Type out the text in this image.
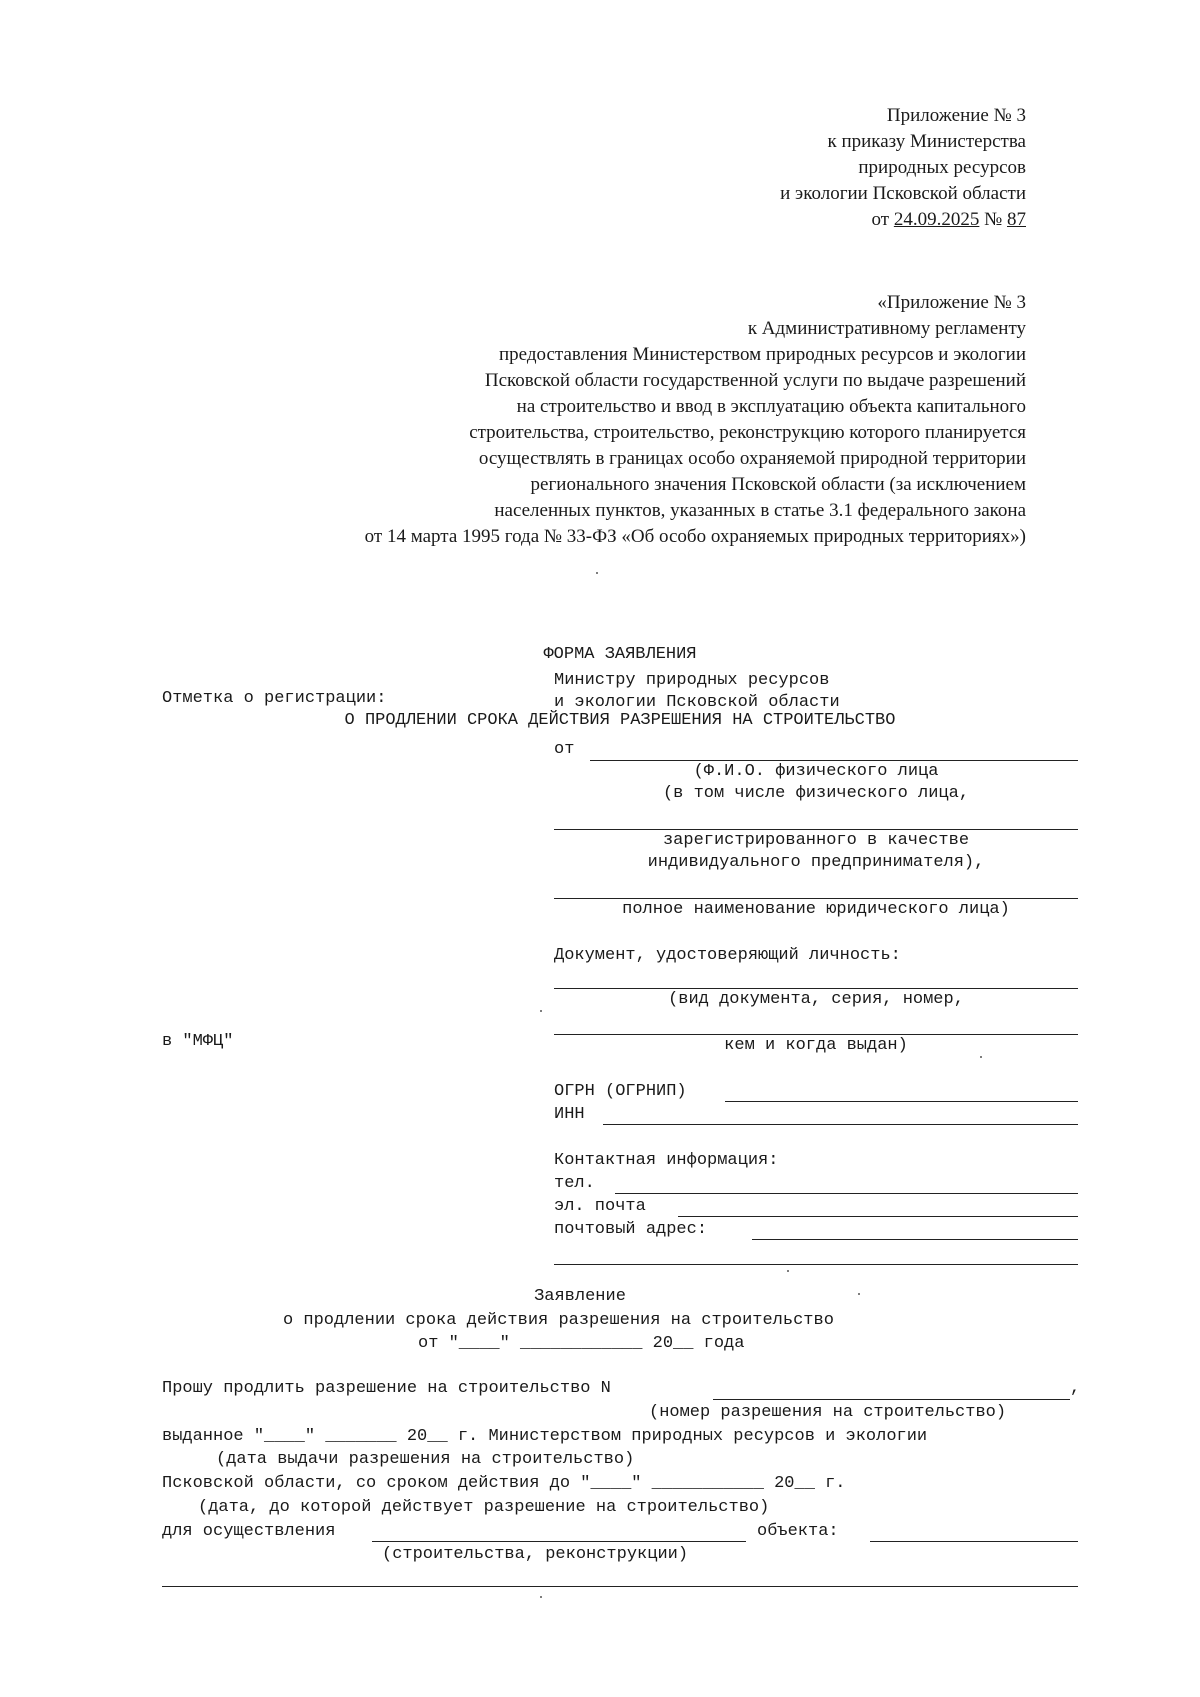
Приложение № 3
к приказу Министерства
природных ресурсов
и экологии Псковской области
от 24.09.2025 № 87
«Приложение № 3
к Административному регламенту
предоставления Министерством природных ресурсов и экологии
Псковской области государственной услуги по выдаче разрешений
на строительство и ввод в эксплуатацию объекта капитального
строительства, строительство, реконструкцию которого планируется
осуществлять в границах особо охраняемой природной территории
регионального значения Псковской области (за исключением
населенных пунктов, указанных в статье 3.1 федерального закона
от 14 марта 1995 года № 33-ФЗ «Об особо охраняемых природных территориях»)

ФОРМА ЗАЯВЛЕНИЯ

О ПРОДЛЕНИИ СРОКА ДЕЙСТВИЯ РАЗРЕШЕНИЯ НА СТРОИТЕЛЬСТВО

Отметка о регистрации:
в "МФЦ"
Министру природных ресурсов
и экологии Псковской области
от
(Ф.И.О. физического лица
(в том числе физического лица,
зарегистрированного в качестве
индивидуального предпринимателя),
полное наименование юридического лица)
Документ, удостоверяющий личность:
(вид документа, серия, номер,
кем и когда выдан)
ОГРН (ОГРНИП)
ИНН
Контактная информация:
тел.
эл. почта
почтовый адрес:
Заявление
о продлении срока действия разрешения на строительство
от "____" ____________ 20__ года
Прошу продлить разрешение на строительство N	,
(номер разрешения на строительство)
выданное "____" _______ 20__ г. Министерством природных ресурсов и экологии
(дата выдачи разрешения на строительство)
Псковской области, со сроком действия до "____" ___________ 20__ г.
(дата, до которой действует разрешение на строительство)
для осуществления	объекта:
(строительства, реконструкции)
